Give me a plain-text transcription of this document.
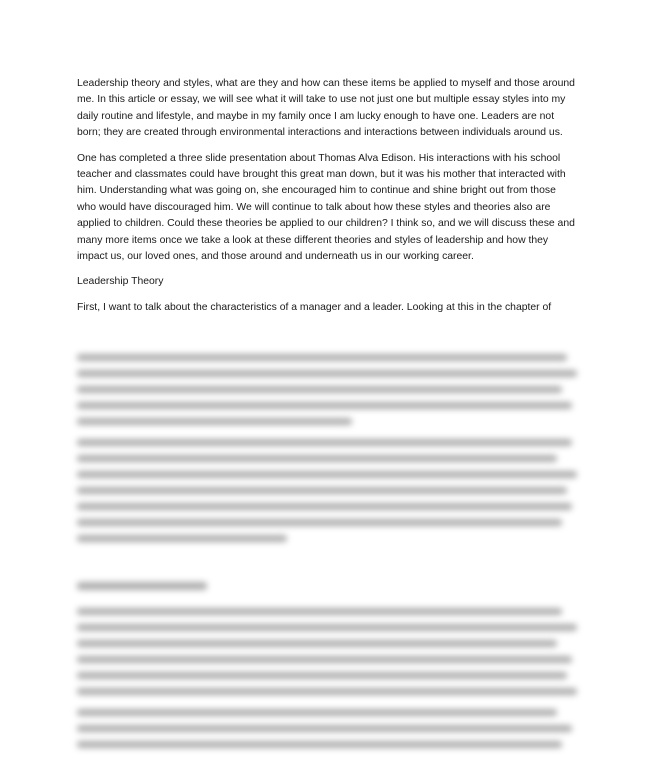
Leadership theory and styles, what are they and how can these items be applied to myself and those around me. In this article or essay, we will see what it will take to use not just one but multiple essay styles into my daily routine and lifestyle, and maybe in my family once I am lucky enough to have one. Leaders are not born; they are created through environmental interactions and interactions between individuals around us.

One has completed a three slide presentation about Thomas Alva Edison. His interactions with his school teacher and classmates could have brought this great man down, but it was his mother that interacted with him. Understanding what was going on, she encouraged him to continue and shine bright out from those who would have discouraged him. We will continue to talk about how these styles and theories also are applied to children. Could these theories be applied to our children? I think so, and we will discuss these and many more items once we take a look at these different theories and styles of leadership and how they impact us, our loved ones, and those around and underneath us in our working career.

Leadership Theory

First, I want to talk about the characteristics of a manager and a leader. Looking at this in the chapter of
